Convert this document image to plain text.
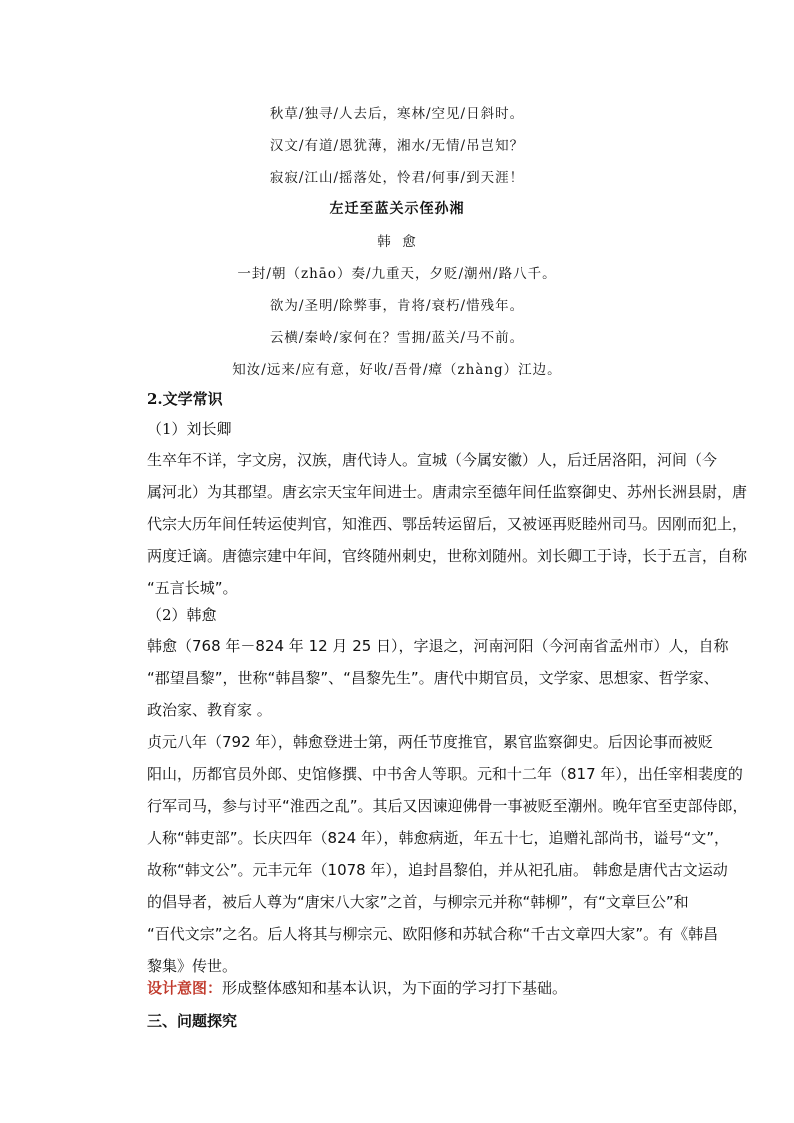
秋草/独寻/人去后，寒林/空见/日斜时。
汉文/有道/恩犹薄，湘水/无情/吊岂知？
寂寂/江山/摇落处，怜君/何事/到天涯！
左迁至蓝关示侄孙湘
韩  愈
一封/朝（zhāo）奏/九重天，夕贬/潮州/路八千。
欲为/圣明/除弊事，肯将/衰朽/惜残年。
云横/秦岭/家何在？雪拥/蓝关/马不前。
知汝/远来/应有意，好收/吾骨/瘴（zhàng）江边。
2.文学常识
（1）刘长卿
生卒年不详，字文房，汉族，唐代诗人。宣城（今属安徽）人，后迁居洛阳，河间（今
属河北）为其郡望。唐玄宗天宝年间进士。唐肃宗至德年间任监察御史、苏州长洲县尉，唐
代宗大历年间任转运使判官，知淮西、鄂岳转运留后，又被诬再贬睦州司马。因刚而犯上，
两度迁谪。唐德宗建中年间，官终随州刺史，世称刘随州。刘长卿工于诗，长于五言，自称
“五言长城”。
（2）韩愈
韩愈（768 年－824 年 12 月 25 日），字退之，河南河阳（今河南省孟州市）人，自称
“郡望昌黎”，世称“韩昌黎”、“昌黎先生”。唐代中期官员，文学家、思想家、哲学家、
政治家、教育家 。
贞元八年（792 年），韩愈登进士第，两任节度推官，累官监察御史。后因论事而被贬
阳山，历都官员外郎、史馆修撰、中书舍人等职。元和十二年（817 年），出任宰相裴度的
行军司马，参与讨平“淮西之乱”。其后又因谏迎佛骨一事被贬至潮州。晚年官至吏部侍郎，
人称“韩吏部”。长庆四年（824 年），韩愈病逝，年五十七，追赠礼部尚书，谥号“文”，
故称“韩文公”。元丰元年（1078 年），追封昌黎伯，并从祀孔庙。 韩愈是唐代古文运动
的倡导者，被后人尊为“唐宋八大家”之首，与柳宗元并称“韩柳”，有“文章巨公”和
“百代文宗”之名。后人将其与柳宗元、欧阳修和苏轼合称“千古文章四大家”。有《韩昌
黎集》传世。
设计意图：形成整体感知和基本认识，为下面的学习打下基础。
三、问题探究
